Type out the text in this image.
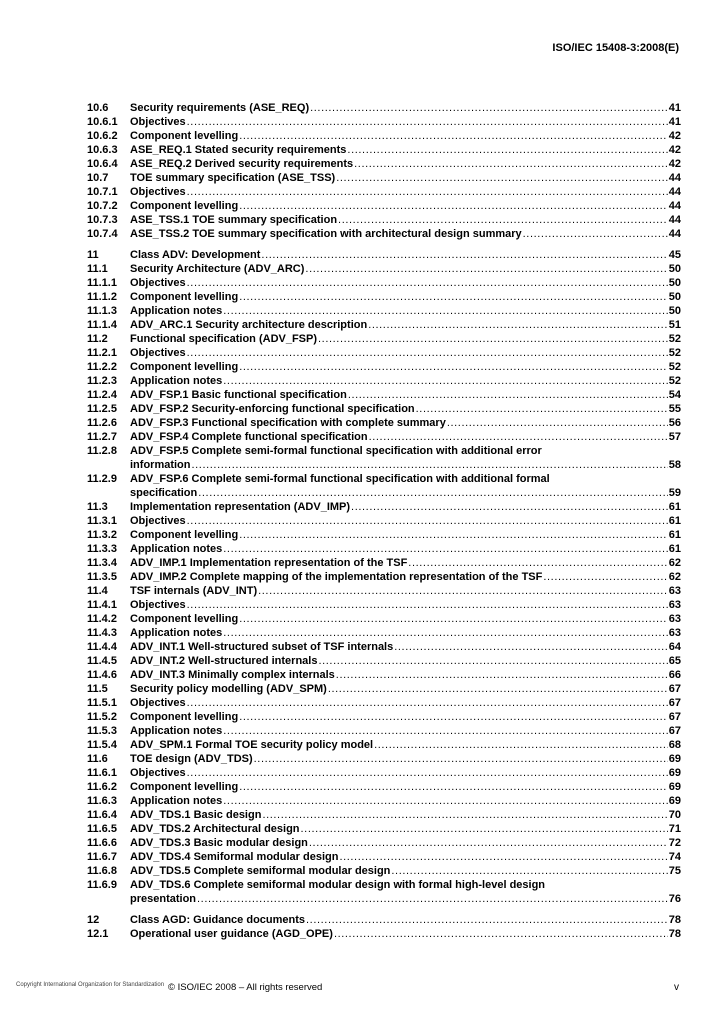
ISO/IEC 15408-3:2008(E)
10.6	Security requirements (ASE_REQ) .....	41
10.6.1	Objectives .....	41
10.6.2	Component levelling .....	42
10.6.3	ASE_REQ.1 Stated security requirements .....	42
10.6.4	ASE_REQ.2 Derived security requirements .....	42
10.7	TOE summary specification (ASE_TSS) .....	44
10.7.1	Objectives .....	44
10.7.2	Component levelling .....	44
10.7.3	ASE_TSS.1 TOE summary specification .....	44
10.7.4	ASE_TSS.2 TOE summary specification with architectural design summary .....	44
11	Class ADV: Development .....	45
11.1	Security Architecture (ADV_ARC) .....	50
11.1.1	Objectives .....	50
11.1.2	Component levelling .....	50
11.1.3	Application notes .....	50
11.1.4	ADV_ARC.1 Security architecture description .....	51
11.2	Functional specification (ADV_FSP) .....	52
11.2.1	Objectives .....	52
11.2.2	Component levelling .....	52
11.2.3	Application notes .....	52
11.2.4	ADV_FSP.1 Basic functional specification .....	54
11.2.5	ADV_FSP.2 Security-enforcing functional specification .....	55
11.2.6	ADV_FSP.3 Functional specification with complete summary .....	56
11.2.7	ADV_FSP.4 Complete functional specification .....	57
11.2.8	ADV_FSP.5 Complete semi-formal functional specification with additional error
information .....	58
11.2.9	ADV_FSP.6 Complete semi-formal functional specification with additional formal
specification .....	59
11.3	Implementation representation (ADV_IMP) .....	61
11.3.1	Objectives .....	61
11.3.2	Component levelling .....	61
11.3.3	Application notes .....	61
11.3.4	ADV_IMP.1 Implementation representation of the TSF .....	62
11.3.5	ADV_IMP.2 Complete mapping of the implementation representation of the TSF .....	62
11.4	TSF internals (ADV_INT) .....	63
11.4.1	Objectives .....	63
11.4.2	Component levelling .....	63
11.4.3	Application notes .....	63
11.4.4	ADV_INT.1 Well-structured subset of TSF internals .....	64
11.4.5	ADV_INT.2 Well-structured internals .....	65
11.4.6	ADV_INT.3 Minimally complex internals .....	66
11.5	Security policy modelling (ADV_SPM) .....	67
11.5.1	Objectives .....	67
11.5.2	Component levelling .....	67
11.5.3	Application notes .....	67
11.5.4	ADV_SPM.1 Formal TOE security policy model .....	68
11.6	TOE design (ADV_TDS) .....	69
11.6.1	Objectives .....	69
11.6.2	Component levelling .....	69
11.6.3	Application notes .....	69
11.6.4	ADV_TDS.1 Basic design .....	70
11.6.5	ADV_TDS.2 Architectural design .....	71
11.6.6	ADV_TDS.3 Basic modular design .....	72
11.6.7	ADV_TDS.4 Semiformal modular design .....	74
11.6.8	ADV_TDS.5 Complete semiformal modular design .....	75
11.6.9	ADV_TDS.6 Complete semiformal modular design with formal high-level design
presentation .....	76
12	Class AGD: Guidance documents .....	78
12.1	Operational user guidance (AGD_OPE) .....	78
Copyright International Organization for Standardization © ISO/IEC 2008 – All rights reserved	v
